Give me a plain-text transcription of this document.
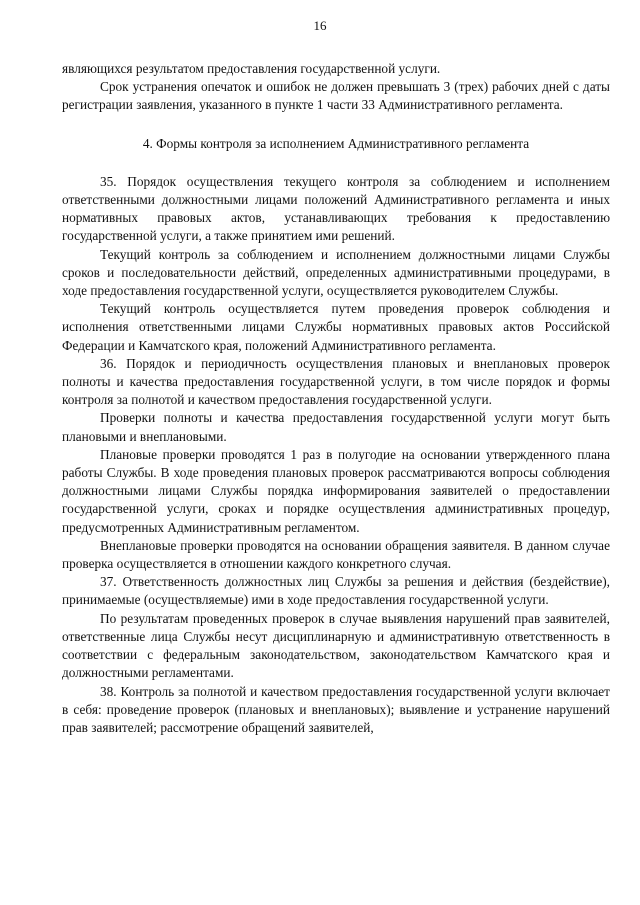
16

являющихся результатом предоставления государственной услуги.

Срок устранения опечаток и ошибок не должен превышать 3 (трех) рабочих дней с даты регистрации заявления, указанного в пункте 1 части 33 Административного регламента.

4. Формы контроля за исполнением Административного регламента

35. Порядок осуществления текущего контроля за соблюдением и исполнением ответственными должностными лицами положений Административного регламента и иных нормативных правовых актов, устанавливающих требования к предоставлению государственной услуги, а также принятием ими решений.

Текущий контроль за соблюдением и исполнением должностными лицами Службы сроков и последовательности действий, определенных административными процедурами, в ходе предоставления государственной услуги, осуществляется руководителем Службы.

Текущий контроль осуществляется путем проведения проверок соблюдения и исполнения ответственными лицами Службы нормативных правовых актов Российской Федерации и Камчатского края, положений Административного регламента.

36. Порядок и периодичность осуществления плановых и внеплановых проверок полноты и качества предоставления государственной услуги, в том числе порядок и формы контроля за полнотой и качеством предоставления государственной услуги.

Проверки полноты и качества предоставления государственной услуги могут быть плановыми и внеплановыми.

Плановые проверки проводятся 1 раз в полугодие на основании утвержденного плана работы Службы. В ходе проведения плановых проверок рассматриваются вопросы соблюдения должностными лицами Службы порядка информирования заявителей о предоставлении государственной услуги, сроках и порядке осуществления административных процедур, предусмотренных Административным регламентом.

Внеплановые проверки проводятся на основании обращения заявителя. В данном случае проверка осуществляется в отношении каждого конкретного случая.

37. Ответственность должностных лиц Службы за решения и действия (бездействие), принимаемые (осуществляемые) ими в ходе предоставления государственной услуги.

По результатам проведенных проверок в случае выявления нарушений прав заявителей, ответственные лица Службы несут дисциплинарную и административную ответственность в соответствии с федеральным законодательством, законодательством Камчатского края и должностными регламентами.

38. Контроль за полнотой и качеством предоставления государственной услуги включает в себя: проведение проверок (плановых и внеплановых); выявление и устранение нарушений прав заявителей; рассмотрение обращений заявителей,
